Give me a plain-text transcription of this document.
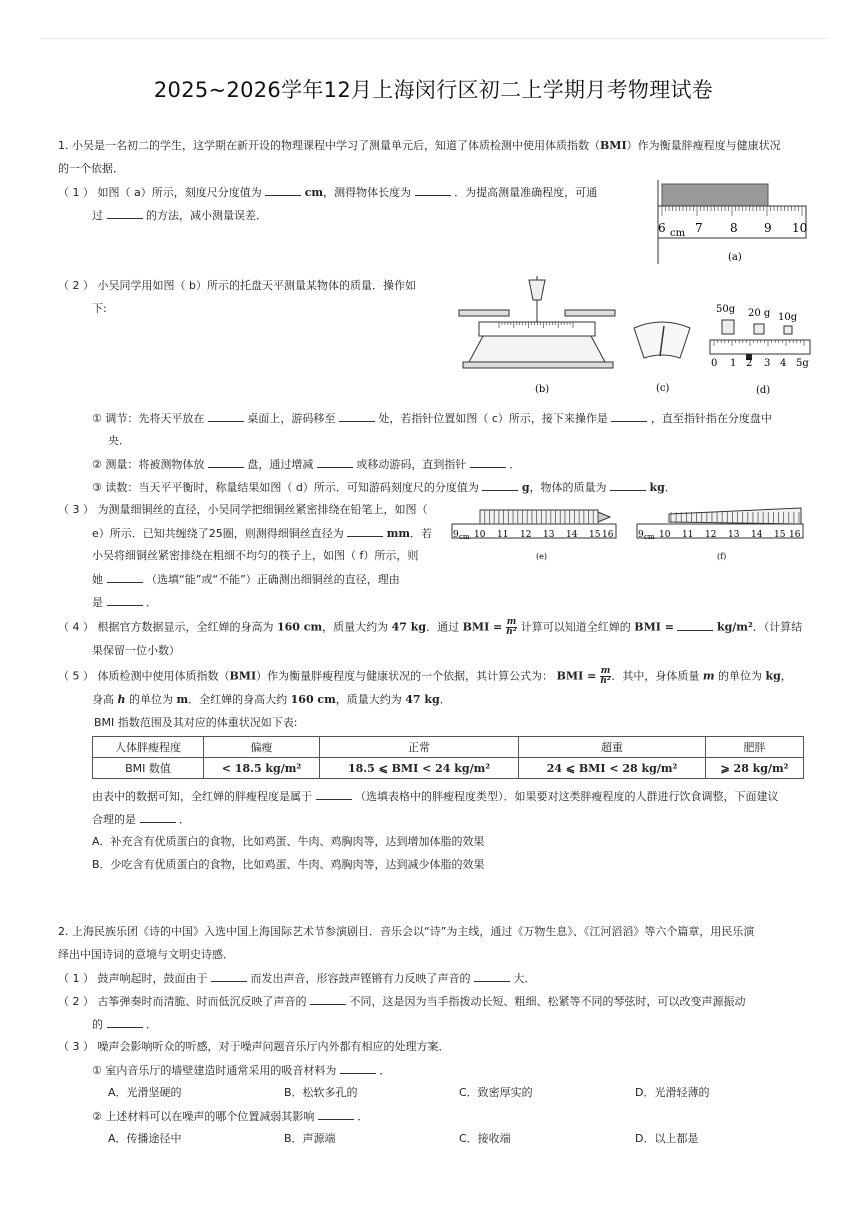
2025~2026学年12月上海闵行区初二上学期月考物理试卷
1. 小吴是一名初二的学生，这学期在新开设的物理课程中学习了测量单元后，知道了体质检测中使用体质指数（BMI）作为衡量胖瘦程度与健康状况
的一个依据．
（ 1 ） 如图（ a）所示，刻度尺分度值为	cm，测得物体长度为	．为提高测量准确程度，可通
过	的方法，减小测量误差．
6 cm 7 8 9 10
(a)
（ 2 ） 小吴同学用如图（ b）所示的托盘天平测量某物体的质量．操作如
下:
(b)	(c)
50g 20 g 10g
0 1 2 3 4 5g
(d)
① 调节：先将天平放在	桌面上，游码移至	处，若指针位置如图（ c）所示，接下来操作是	，直至指针指在分度盘中
央．
② 测量：将被测物体放	盘，通过增减	或移动游码，直到指针	．
③ 读数：当天平平衡时，称量结果如图（ d）所示．可知游码刻度尺的分度值为	g，物体的质量为	kg．
（ 3 ） 为测量细铜丝的直径，小吴同学把细铜丝紧密排绕在铅笔上，如图（
e）所示．已知共缠绕了25圈，则测得细铜丝直径为	mm．若
小吴将细铜丝紧密排绕在粗细不均匀的筷子上，如图（ f）所示，则
她	（选填“能”或“不能”）正确测出细铜丝的直径，理由
是	．
9 cm 10 11 12 13 14 15 16
(e)
9 cm 10 11 12 13 14 15 16
(f)
（ 4 ） 根据官方数据显示，全红婵的身高为 160 cm，质量大约为 47 kg．通过 BMI = $\frac{m}{\text{h²}}$ 计算可以知道全红婵的 BMI =	kg/m²．（计算结
果保留一位小数）
（ 5 ） 体质检测中使用体质指数（BMI）作为衡量胖瘦程度与健康状况的一个依据，其计算公式为： BMI = $\frac{m}{\text{h²}}$ ．其中，身体质量 m 的单位为 kg，
身高 h 的单位为 m．全红婵的身高大约 160 cm，质量大约为 47 kg．
BMI 指数范围及其对应的体重状况如下表:
人体胖瘦程度	偏瘦	正常	超重	肥胖
BMI 数值	< 18.5 kg/m²	18.5 ⩽ BMI < 24 kg/m²	24 ⩽ BMI < 28 kg/m²	⩾ 28 kg/m²
由表中的数据可知，全红婵的胖瘦程度是属于	（选填表格中的胖瘦程度类型）．如果要对这类胖瘦程度的人群进行饮食调整，下面建议
合理的是	．
A．补充含有优质蛋白的食物，比如鸡蛋、牛肉、鸡胸肉等，达到增加体脂的效果
B．少吃含有优质蛋白的食物，比如鸡蛋、牛肉、鸡胸肉等，达到减少体脂的效果
2. 上海民族乐团《诗的中国》入选中国上海国际艺术节参演剧目．音乐会以“诗”为主线，通过《万物生息》、《江河滔滔》等六个篇章，用民乐演
绎出中国诗词的意境与文明史诗感．
（ 1 ） 鼓声响起时，鼓面由于	而发出声音，形容鼓声铿锵有力反映了声音的	大．
（ 2 ） 古筝弹奏时而清脆、时而低沉反映了声音的	不同，这是因为当手指拨动长短、粗细、松紧等不同的琴弦时，可以改变声源振动
的	．
（ 3 ） 噪声会影响听众的听感，对于噪声问题音乐厅内外都有相应的处理方案．
① 室内音乐厅的墙壁建造时通常采用的吸音材料为	．
A．光滑坚硬的	B．松软多孔的	C．致密厚实的	D．光滑轻薄的
② 上述材料可以在噪声的哪个位置减弱其影响	．
A．传播途径中	B．声源端	C．接收端	D．以上都是
